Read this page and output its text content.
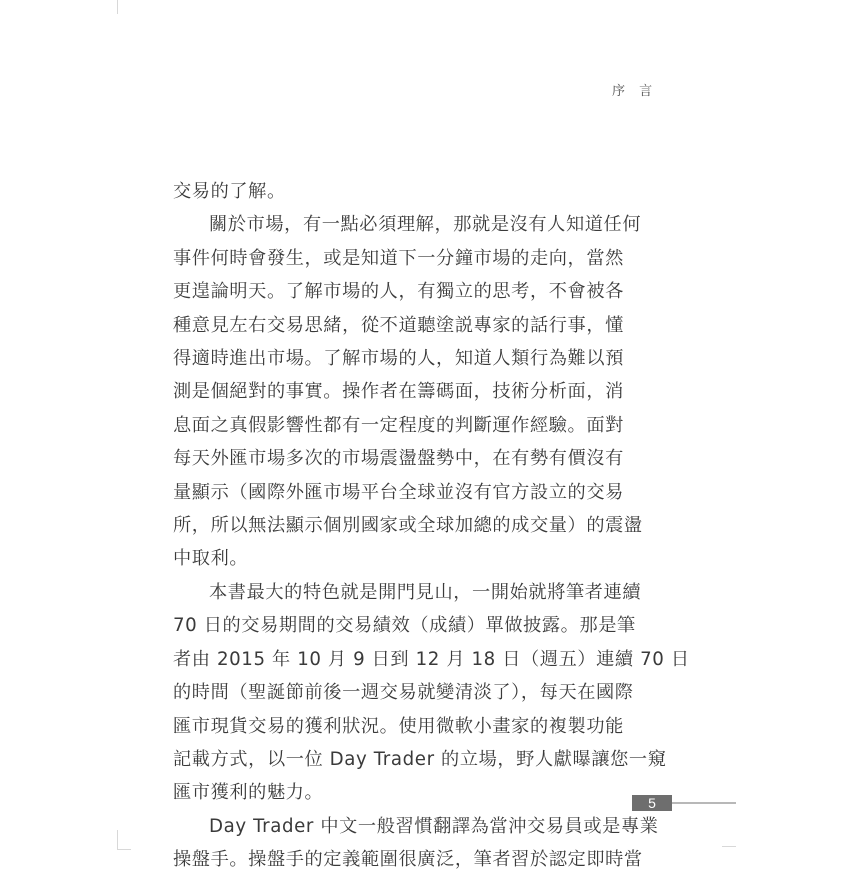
序 言
交易的了解。
關於市場，有一點必須理解，那就是沒有人知道任何
事件何時會發生，或是知道下一分鐘市場的走向，當然
更遑論明天。了解市場的人，有獨立的思考，不會被各
種意見左右交易思緒，從不道聽塗説專家的話行事，懂
得適時進出市場。了解市場的人，知道人類行為難以預
測是個絕對的事實。操作者在籌碼面，技術分析面，消
息面之真假影響性都有一定程度的判斷運作經驗。面對
每天外匯市場多次的市場震盪盤勢中，在有勢有價沒有
量顯示（國際外匯市場平台全球並沒有官方設立的交易
所，所以無法顯示個別國家或全球加總的成交量）的震盪
中取利。
本書最大的特色就是開門見山，一開始就將筆者連續
70 日的交易期間的交易績效（成績）單做披露。那是筆
者由 2015 年 10 月 9 日到 12 月 18 日（週五）連續 70 日
的時間（聖誕節前後一週交易就變清淡了），每天在國際
匯市現貨交易的獲利狀況。使用微軟小畫家的複製功能
記載方式，以一位 Day Trader 的立場，野人獻曝讓您一窺
匯市獲利的魅力。
Day Trader 中文一般習慣翻譯為當沖交易員或是專業
操盤手。操盤手的定義範圍很廣泛，筆者習於認定即時當
5
